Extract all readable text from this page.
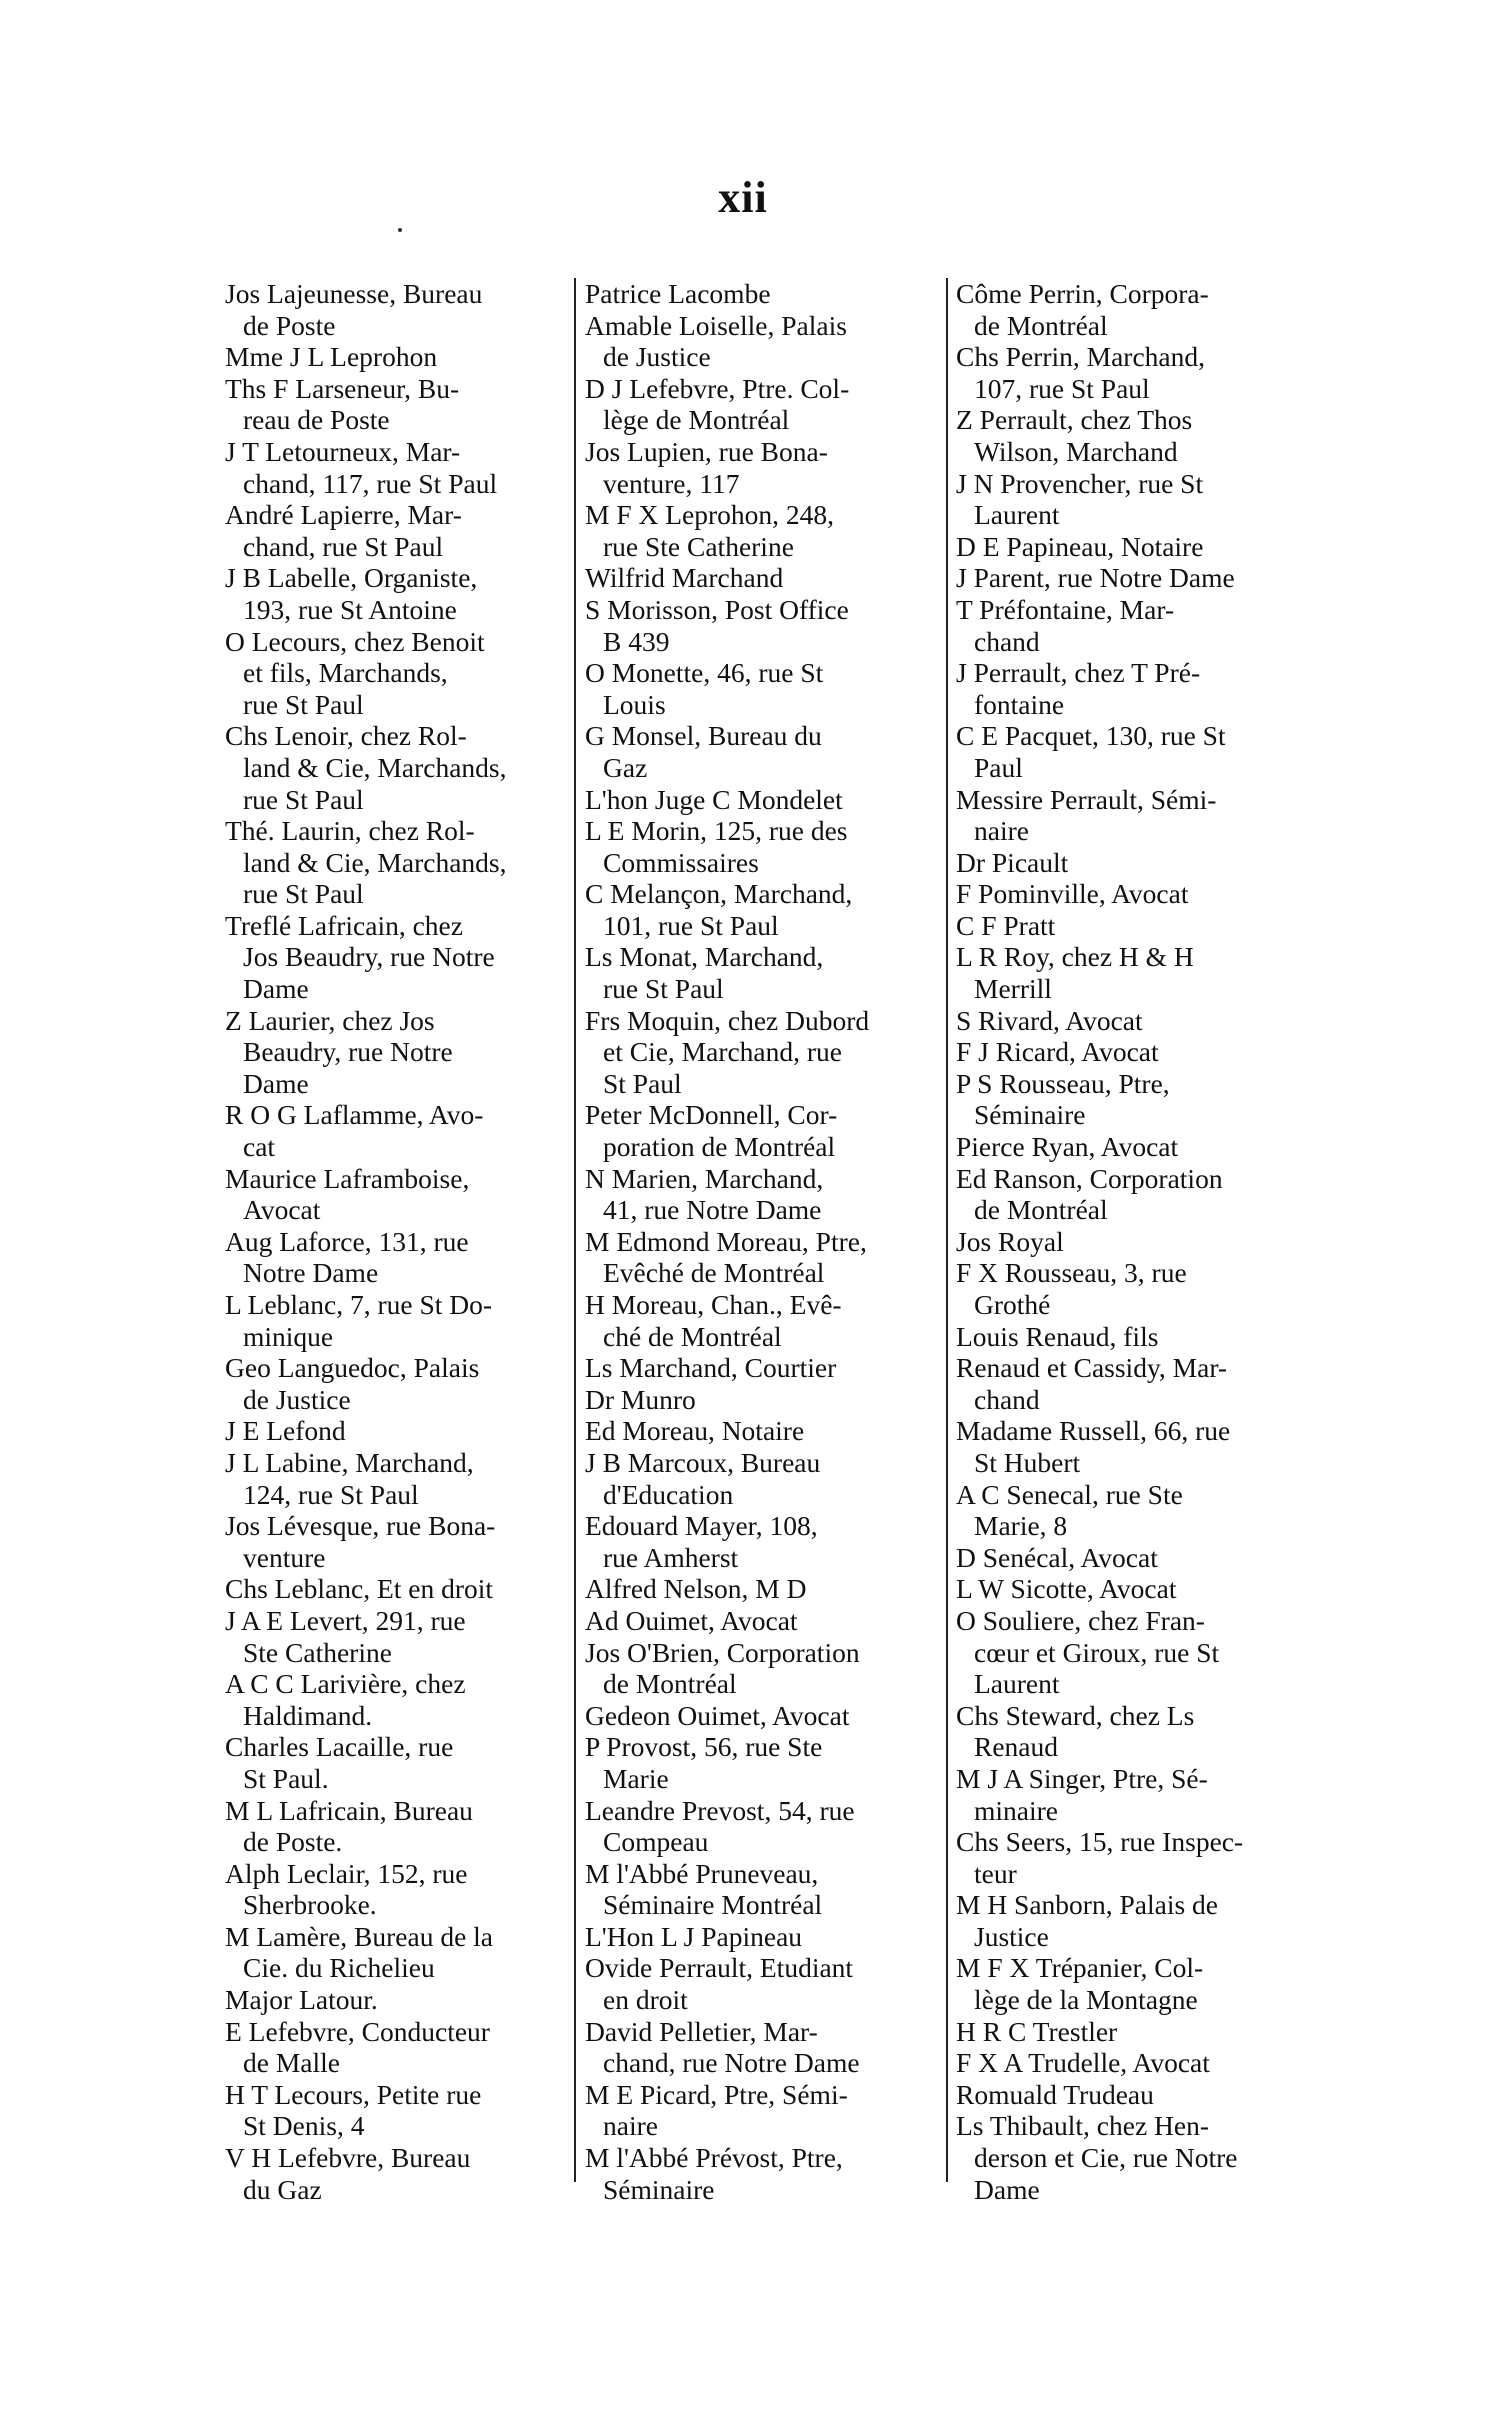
xii
Jos Lajeunesse, Bureau
de Poste
Mme J L Leprohon
Ths F Larseneur, Bu-
reau de Poste
J T Letourneux, Mar-
chand, 117, rue St Paul
André Lapierre, Mar-
chand, rue St Paul
J B Labelle, Organiste,
193, rue St Antoine
O Lecours, chez Benoit
et fils, Marchands,
rue St Paul
Chs Lenoir, chez Rol-
land & Cie, Marchands,
rue St Paul
Thé. Laurin, chez Rol-
land & Cie, Marchands,
rue St Paul
Treflé Lafricain, chez
Jos Beaudry, rue Notre
Dame
Z Laurier, chez Jos
Beaudry, rue Notre
Dame
R O G Laflamme, Avo-
cat
Maurice Laframboise,
Avocat
Aug Laforce, 131, rue
Notre Dame
L Leblanc, 7, rue St Do-
minique
Geo Languedoc, Palais
de Justice
J E Lefond
J L Labine, Marchand,
124, rue St Paul
Jos Lévesque, rue Bona-
venture
Chs Leblanc, Et en droit
J A E Levert, 291, rue
Ste Catherine
A C C Larivière, chez
Haldimand.
Charles Lacaille, rue
St Paul.
M L Lafricain, Bureau
de Poste.
Alph Leclair, 152, rue
Sherbrooke.
M Lamère, Bureau de la
Cie. du Richelieu
Major Latour.
E Lefebvre, Conducteur
de Malle
H T Lecours, Petite rue
St Denis, 4
V H Lefebvre, Bureau
du Gaz
Patrice Lacombe
Amable Loiselle, Palais
de Justice
D J Lefebvre, Ptre. Col-
lège de Montréal
Jos Lupien, rue Bona-
venture, 117
M F X Leprohon, 248,
rue Ste Catherine
Wilfrid Marchand
S Morisson, Post Office
B 439
O Monette, 46, rue St
Louis
G Monsel, Bureau du
Gaz
L'hon Juge C Mondelet
L E Morin, 125, rue des
Commissaires
C Melançon, Marchand,
101, rue St Paul
Ls Monat, Marchand,
rue St Paul
Frs Moquin, chez Dubord
et Cie, Marchand, rue
St Paul
Peter McDonnell, Cor-
poration de Montréal
N Marien, Marchand,
41, rue Notre Dame
M Edmond Moreau, Ptre,
Evêché de Montréal
H Moreau, Chan., Evê-
ché de Montréal
Ls Marchand, Courtier
Dr Munro
Ed Moreau, Notaire
J B Marcoux, Bureau
d'Education
Edouard Mayer, 108,
rue Amherst
Alfred Nelson, M D
Ad Ouimet, Avocat
Jos O'Brien, Corporation
de Montréal
Gedeon Ouimet, Avocat
P Provost, 56, rue Ste
Marie
Leandre Prevost, 54, rue
Compeau
M l'Abbé Pruneveau,
Séminaire Montréal
L'Hon L J Papineau
Ovide Perrault, Etudiant
en droit
David Pelletier, Mar-
chand, rue Notre Dame
M E Picard, Ptre, Sémi-
naire
M l'Abbé Prévost, Ptre,
Séminaire
Côme Perrin, Corpora-
de Montréal
Chs Perrin, Marchand,
107, rue St Paul
Z Perrault, chez Thos
Wilson, Marchand
J N Provencher, rue St
Laurent
D E Papineau, Notaire
J Parent, rue Notre Dame
T Préfontaine, Mar-
chand
J Perrault, chez T Pré-
fontaine
C E Pacquet, 130, rue St
Paul
Messire Perrault, Sémi-
naire
Dr Picault
F Pominville, Avocat
C F Pratt
L R Roy, chez H & H
Merrill
S Rivard, Avocat
F J Ricard, Avocat
P S Rousseau, Ptre,
Séminaire
Pierce Ryan, Avocat
Ed Ranson, Corporation
de Montréal
Jos Royal
F X Rousseau, 3, rue
Grothé
Louis Renaud, fils
Renaud et Cassidy, Mar-
chand
Madame Russell, 66, rue
St Hubert
A C Senecal, rue Ste
Marie, 8
D Senécal, Avocat
L W Sicotte, Avocat
O Souliere, chez Fran-
cœur et Giroux, rue St
Laurent
Chs Steward, chez Ls
Renaud
M J A Singer, Ptre, Sé-
minaire
Chs Seers, 15, rue Inspec-
teur
M H Sanborn, Palais de
Justice
M F X Trépanier, Col-
lège de la Montagne
H R C Trestler
F X A Trudelle, Avocat
Romuald Trudeau
Ls Thibault, chez Hen-
derson et Cie, rue Notre
Dame
